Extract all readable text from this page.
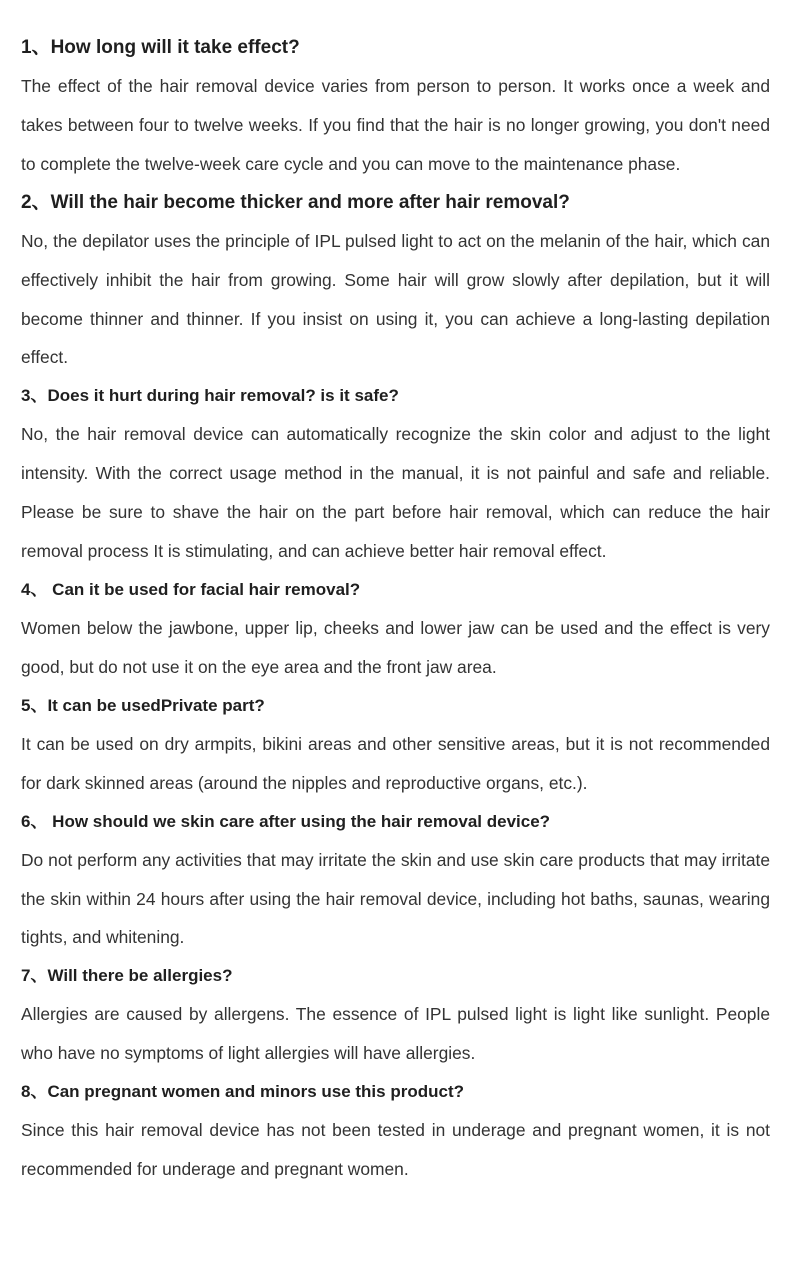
1、How long will it take effect?

The effect of the hair removal device varies from person to person. It works once a week and takes between four to twelve weeks. If you find that the hair is no longer growing, you don't need to complete the twelve-week care cycle and you can move to the maintenance phase.

2、Will the hair become thicker and more after hair removal?

No, the depilator uses the principle of IPL pulsed light to act on the melanin of the hair, which can effectively inhibit the hair from growing. Some hair will grow slowly after depilation, but it will become thinner and thinner. If you insist on using it, you can achieve a long-lasting depilation effect.

3、Does it hurt during hair removal? is it safe?

No, the hair removal device can automatically recognize the skin color and adjust to the light intensity. With the correct usage method in the manual, it is not painful and safe and reliable. Please be sure to shave the hair on the part before hair removal, which can reduce the hair removal process It is stimulating, and can achieve better hair removal effect.

4、 Can it be used for facial hair removal?

Women below the jawbone, upper lip, cheeks and lower jaw can be used and the effect is very good, but do not use it on the eye area and the front jaw area.

5、It can be usedPrivate part?

It can be used on dry armpits, bikini areas and other sensitive areas, but it is not recommended for dark skinned areas (around the nipples and reproductive organs, etc.).

6、 How should we skin care after using the hair removal device?

Do not perform any activities that may irritate the skin and use skin care products that may irritate the skin within 24 hours after using the hair removal device, including hot baths, saunas, wearing tights, and whitening.

7、Will there be allergies?

Allergies are caused by allergens. The essence of IPL pulsed light is light like sunlight. People who have no symptoms of light allergies will have allergies.

8、Can pregnant women and minors use this product?

Since this hair removal device has not been tested in underage and pregnant women, it is not recommended for underage and pregnant women.
